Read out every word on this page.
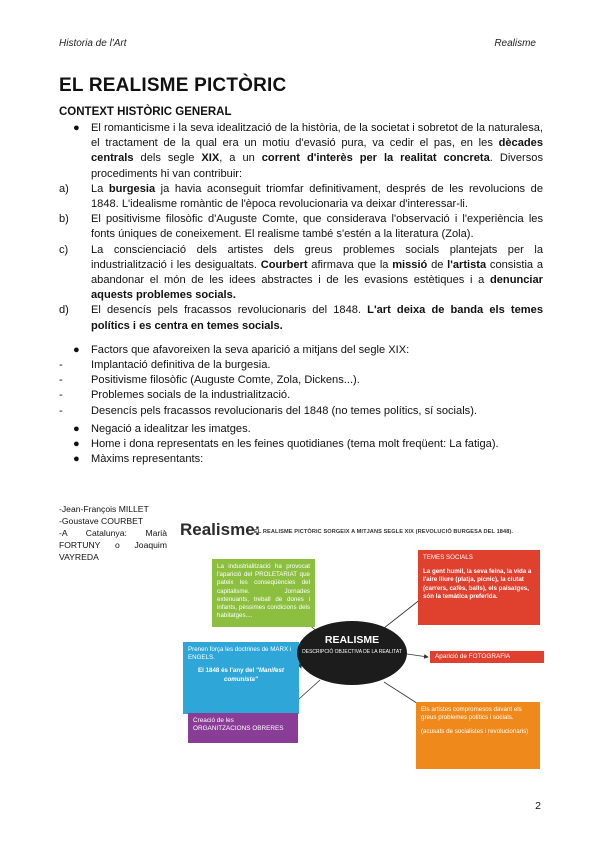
Historia de l'Art	Realisme
EL REALISME PICTÒRIC
CONTEXT HISTÒRIC GENERAL
●	El romanticisme i la seva idealització de la història, de la societat i sobretot de la naturalesa, el tractament de la qual era un motiu d'evasió pura, va cedir el pas, en les dècades centrals dels segle XIX, a un corrent d'interès per la realitat concreta. Diversos procediments hi van contribuir:
a)	La burgesia ja havia aconseguit triomfar definitivament, després de les revolucions de 1848. L'idealisme romàntic de l'època revolucionaria va deixar d'interessar-li.
b)	El positivisme filosòfic d'Auguste Comte, que considerava l'observació i l'experiència les fonts úniques de coneixement. El realisme també s'estén a la literatura (Zola).
c)	La conscienciació dels artistes dels greus problemes socials plantejats per la industrialització i les desigualtats. Courbert afirmava que la missió de l'artista consistia a abandonar el món de les idees abstractes i de les evasions estètiques i a denunciar aquests problemes socials.
d)	El desencís pels fracassos revolucionaris del 1848. L'art deixa de banda els temes polítics i es centra en temes socials.
●	Factors que afavoreixen la seva aparició a mitjans del segle XIX:
-	Implantació definitiva de la burgesia.
-	Positivisme filosòfic (Auguste Comte, Zola, Dickens...).
-	Problemes socials de la industrialització.
-	Desencís pels fracassos revolucionaris del 1848 (no temes polítics, sí socials).
●	Negació a idealitzar les imatges.
●	Home i dona representats en les feines quotidianes (tema molt freqüent: La fatiga).
●	Màxims representants:
-Jean-François MILLET
-Goustave COURBET
-A Catalunya: Marià FORTUNY o Joaquim VAYREDA
Realisme:
EL REALISME PICTÒRIC SORGEIX A MITJANS SEGLE XIX (REVOLUCIÓ BURGESA DEL 1848).
La industrialització ha provocat l'aparició del PROLETARIAT que pateix les conseqüències del capitalisme. Jornades extenuants, treball de dones i infants, pèssimes condicions dels habitatges....
TEMES SOCIALS
La gent humil, la seva feina, la vida a l'aire lliure (platja, picnic), la ciutat (carrers, cafès, balls), els paisatges, són la temàtica preferida.
Prenen força les doctrines de MARX i ENGELS.
El 1848 és l'any del "Manifest comunista"
REALISME
DESCRIPCIÓ OBJECTIVA DE LA REALITAT
Aparició de FOTOGRAFIA
Creació de les ORGANITZACIONS OBRERES
Els artistes compromesos davant els greus problemes polítics i socials.
(acusats de socialistes i revolucionaris)
2
